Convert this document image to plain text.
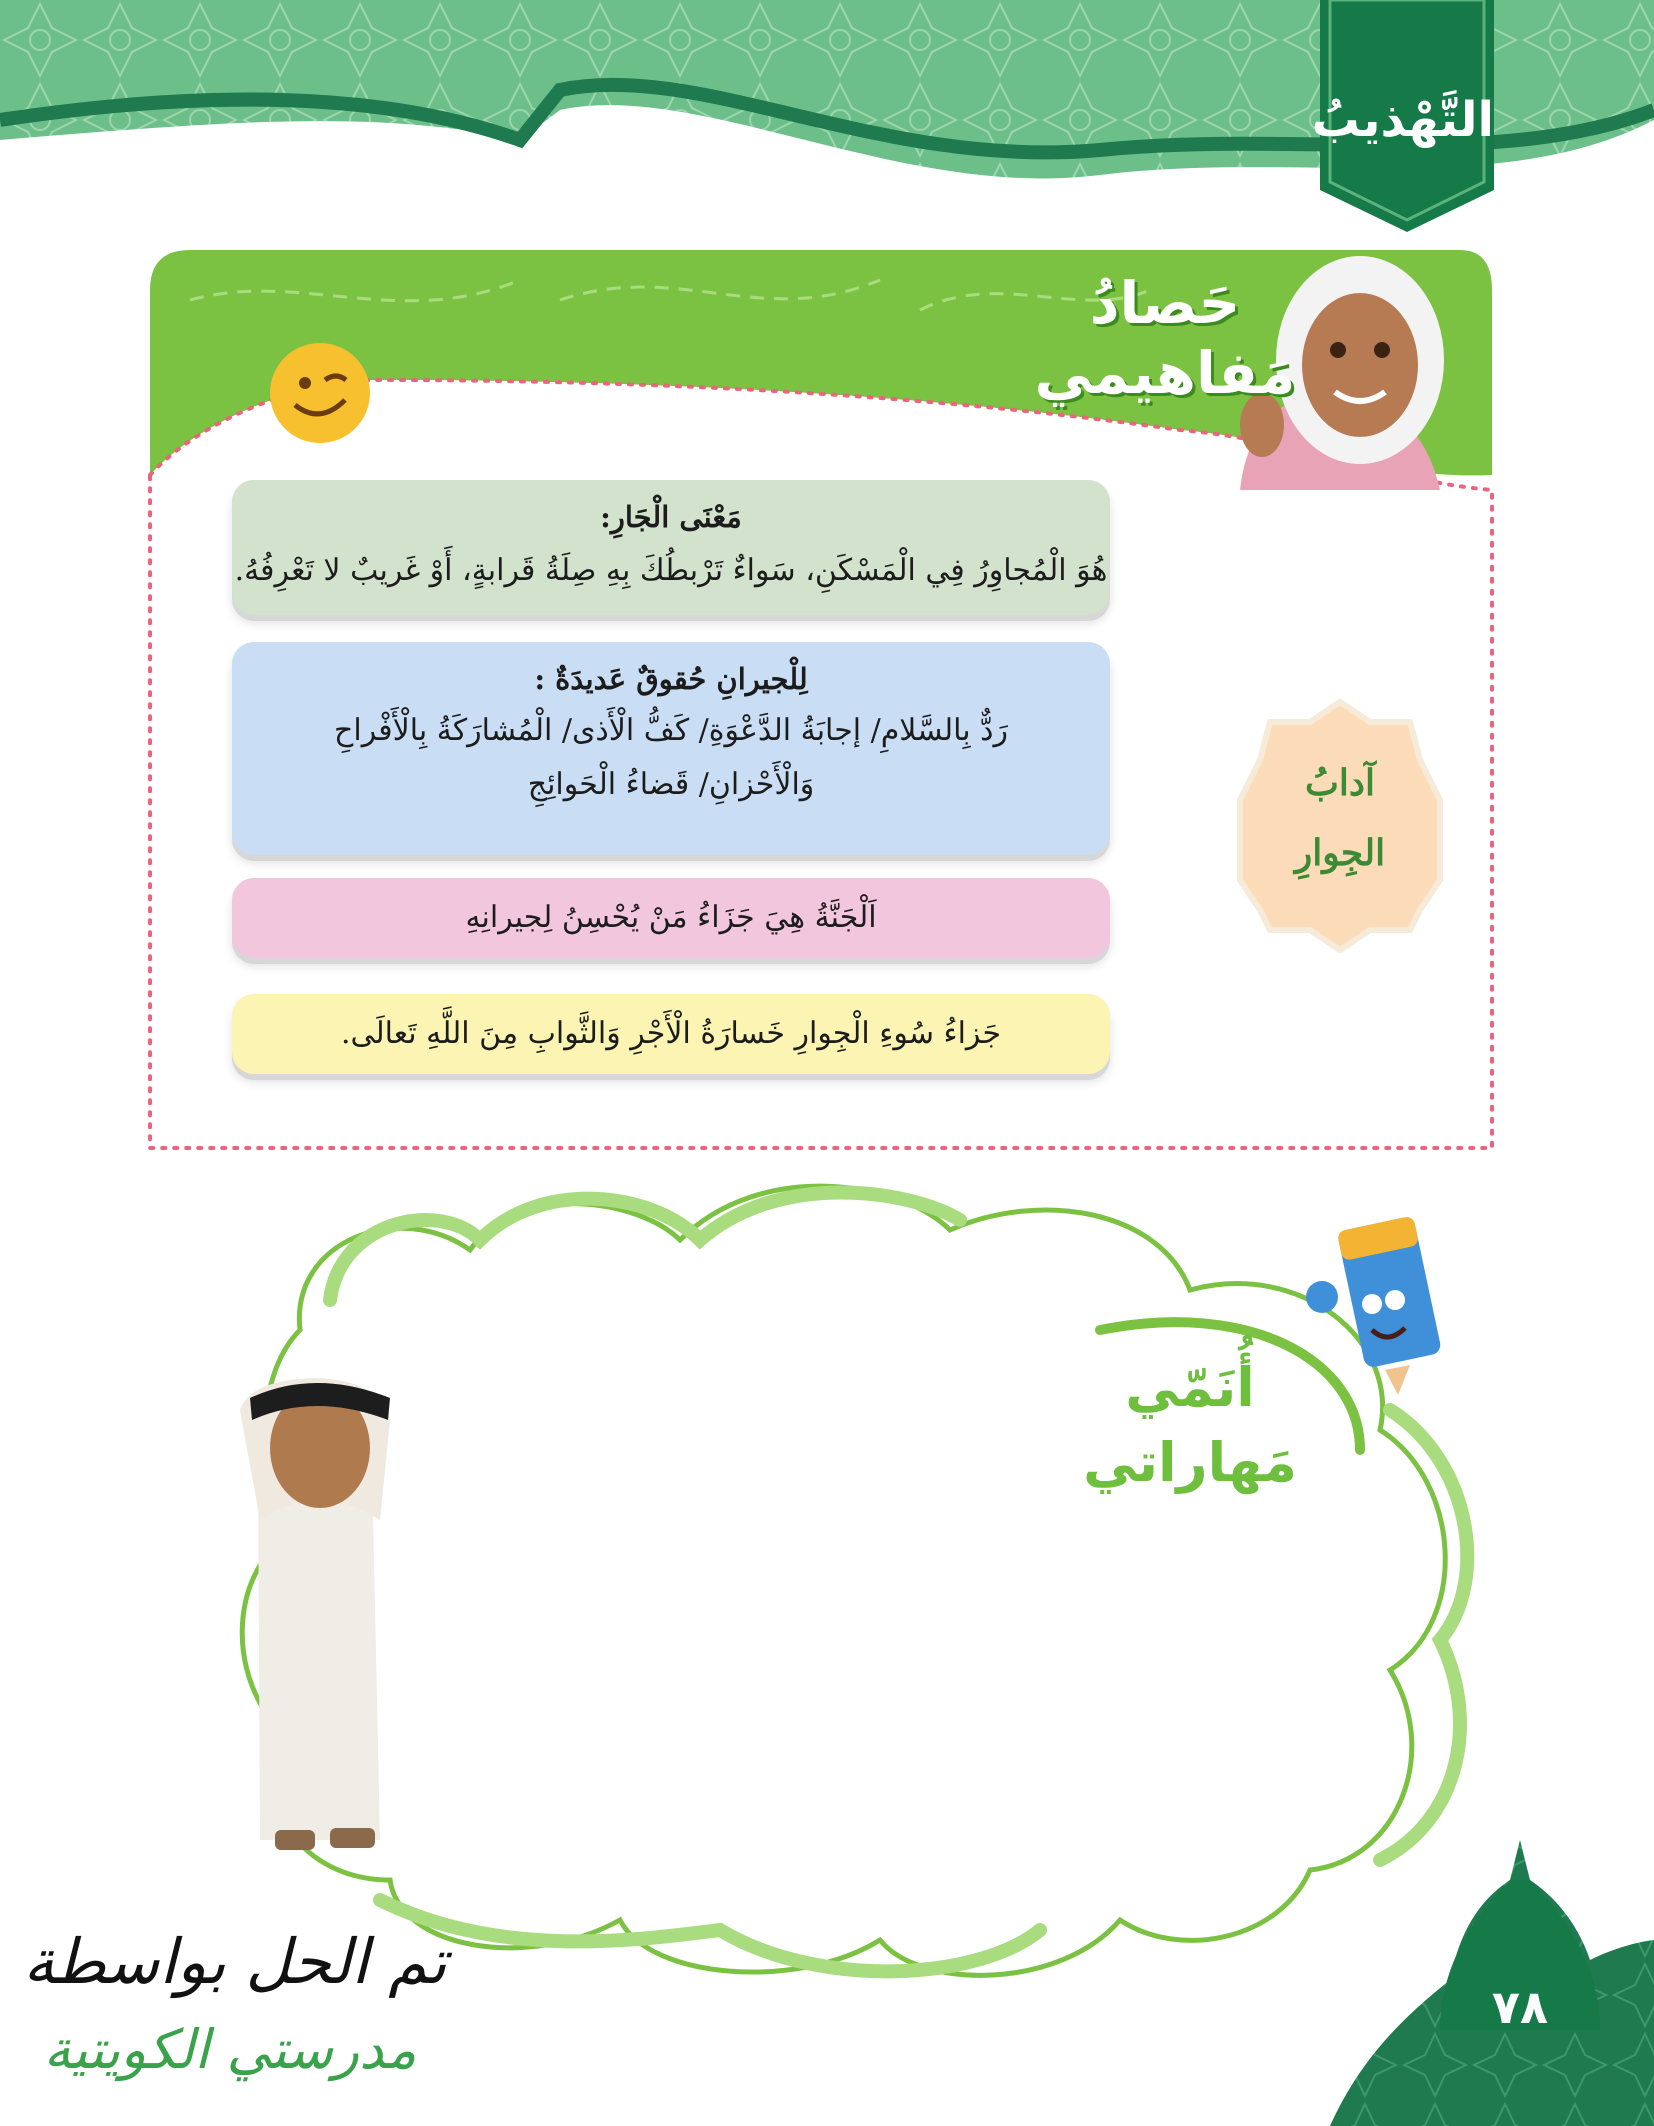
التَّهْذيبُ
حَصادُ
مَفاهيمي
مَعْنَى الْجَارِ:
هُوَ الْمُجاوِرُ فِي الْمَسْكَنِ، سَواءٌ تَرْبطُكَ بِهِ صِلَةُ قَرابةٍ، أَوْ غَريبٌ لا تَعْرِفُهُ.
لِلْجيرانِ حُقوقٌ عَديدَةٌ :
رَدٌّ بِالسَّلامِ/ إجابَةُ الدَّعْوَةِ/ كَفُّ الْأَذى/ الْمُشارَكَةُ بِالْأَفْراحِ
وَالْأَحْزانِ/ قَضاءُ الْحَوائِجِ
اَلْجَنَّةُ هِيَ جَزَاءُ مَنْ يُحْسِنُ لِجيرانِهِ
جَزاءُ سُوءِ الْجِوارِ خَسارَةُ الْأَجْرِ وَالثَّوابِ مِنَ اللَّهِ تَعالَى.
آدابُ
الجِوارِ
أُنَمّي
مَهاراتي
٧٨
تم الحل بواسطة
مدرستي الكويتية
